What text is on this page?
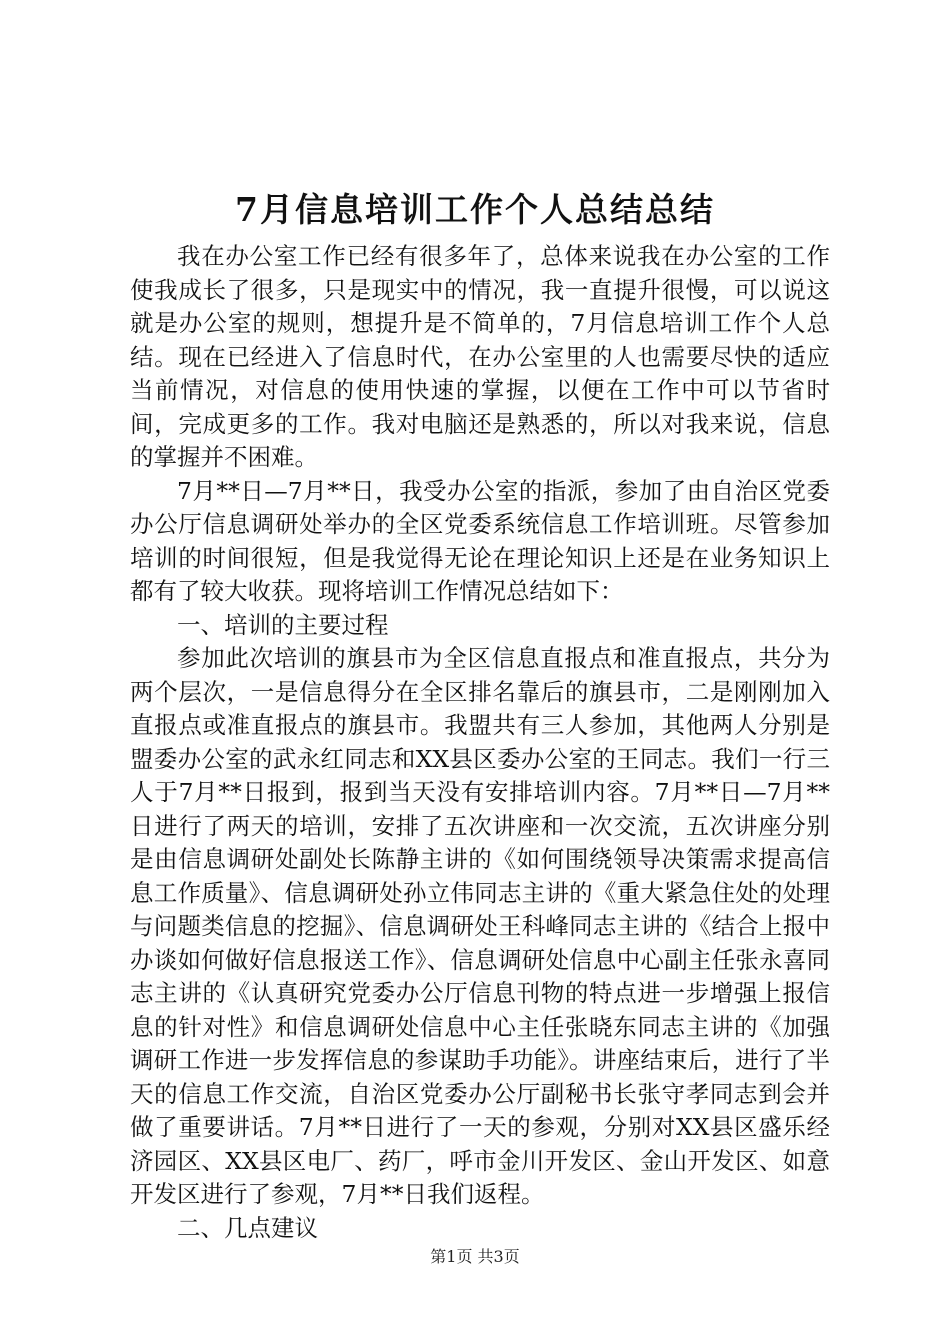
7月信息培训工作个人总结总结

我在办公室工作已经有很多年了，总体来说我在办公室的工作使我成长了很多，只是现实中的情况，我一直提升很慢，可以说这就是办公室的规则，想提升是不简单的，7月信息培训工作个人总结。现在已经进入了信息时代，在办公室里的人也需要尽快的适应当前情况，对信息的使用快速的掌握，以便在工作中可以节省时间，完成更多的工作。我对电脑还是熟悉的，所以对我来说，信息的掌握并不困难。

7月**日—7月**日，我受办公室的指派，参加了由自治区党委办公厅信息调研处举办的全区党委系统信息工作培训班。尽管参加培训的时间很短，但是我觉得无论在理论知识上还是在业务知识上都有了较大收获。现将培训工作情况总结如下：

一、培训的主要过程

参加此次培训的旗县市为全区信息直报点和准直报点，共分为两个层次，一是信息得分在全区排名靠后的旗县市，二是刚刚加入直报点或准直报点的旗县市。我盟共有三人参加，其他两人分别是盟委办公室的武永红同志和XX县区委办公室的王同志。我们一行三人于7月**日报到，报到当天没有安排培训内容。7月**日—7月**日进行了两天的培训，安排了五次讲座和一次交流，五次讲座分别是由信息调研处副处长陈静主讲的《如何围绕领导决策需求提高信息工作质量》、信息调研处孙立伟同志主讲的《重大紧急住处的处理与问题类信息的挖掘》、信息调研处王科峰同志主讲的《结合上报中办谈如何做好信息报送工作》、信息调研处信息中心副主任张永喜同志主讲的《认真研究党委办公厅信息刊物的特点进一步增强上报信息的针对性》和信息调研处信息中心主任张晓东同志主讲的《加强调研工作进一步发挥信息的参谋助手功能》。讲座结束后，进行了半天的信息工作交流，自治区党委办公厅副秘书长张守孝同志到会并做了重要讲话。7月**日进行了一天的参观，分别对XX县区盛乐经济园区、XX县区电厂、药厂，呼市金川开发区、金山开发区、如意开发区进行了参观，7月**日我们返程。

二、几点建议

第1页 共3页
